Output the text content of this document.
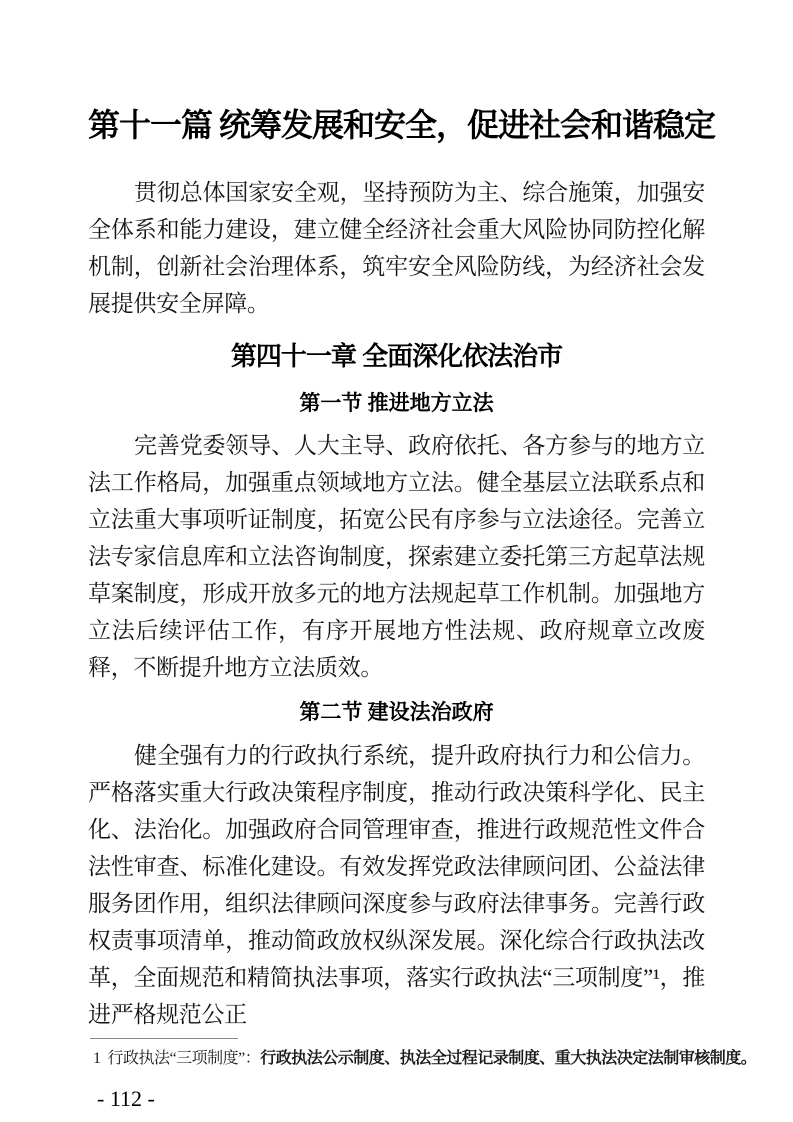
第十一篇 统筹发展和安全，促进社会和谐稳定

贯彻总体国家安全观，坚持预防为主、综合施策，加强安全体系和能力建设，建立健全经济社会重大风险协同防控化解机制，创新社会治理体系，筑牢安全风险防线，为经济社会发展提供安全屏障。

第四十一章 全面深化依法治市
第一节 推进地方立法

完善党委领导、人大主导、政府依托、各方参与的地方立法工作格局，加强重点领域地方立法。健全基层立法联系点和立法重大事项听证制度，拓宽公民有序参与立法途径。完善立法专家信息库和立法咨询制度，探索建立委托第三方起草法规草案制度，形成开放多元的地方法规起草工作机制。加强地方立法后续评估工作，有序开展地方性法规、政府规章立改废释，不断提升地方立法质效。

第二节 建设法治政府

健全强有力的行政执行系统，提升政府执行力和公信力。严格落实重大行政决策程序制度，推动行政决策科学化、民主化、法治化。加强政府合同管理审查，推进行政规范性文件合法性审查、标准化建设。有效发挥党政法律顾问团、公益法律服务团作用，组织法律顾问深度参与政府法律事务。完善行政权责事项清单，推动简政放权纵深发展。深化综合行政执法改革，全面规范和精简执法事项，落实行政执法“三项制度”¹，推进严格规范公正

1 行政执法“三项制度”：行政执法公示制度、执法全过程记录制度、重大执法决定法制审核制度。

- 112 -
